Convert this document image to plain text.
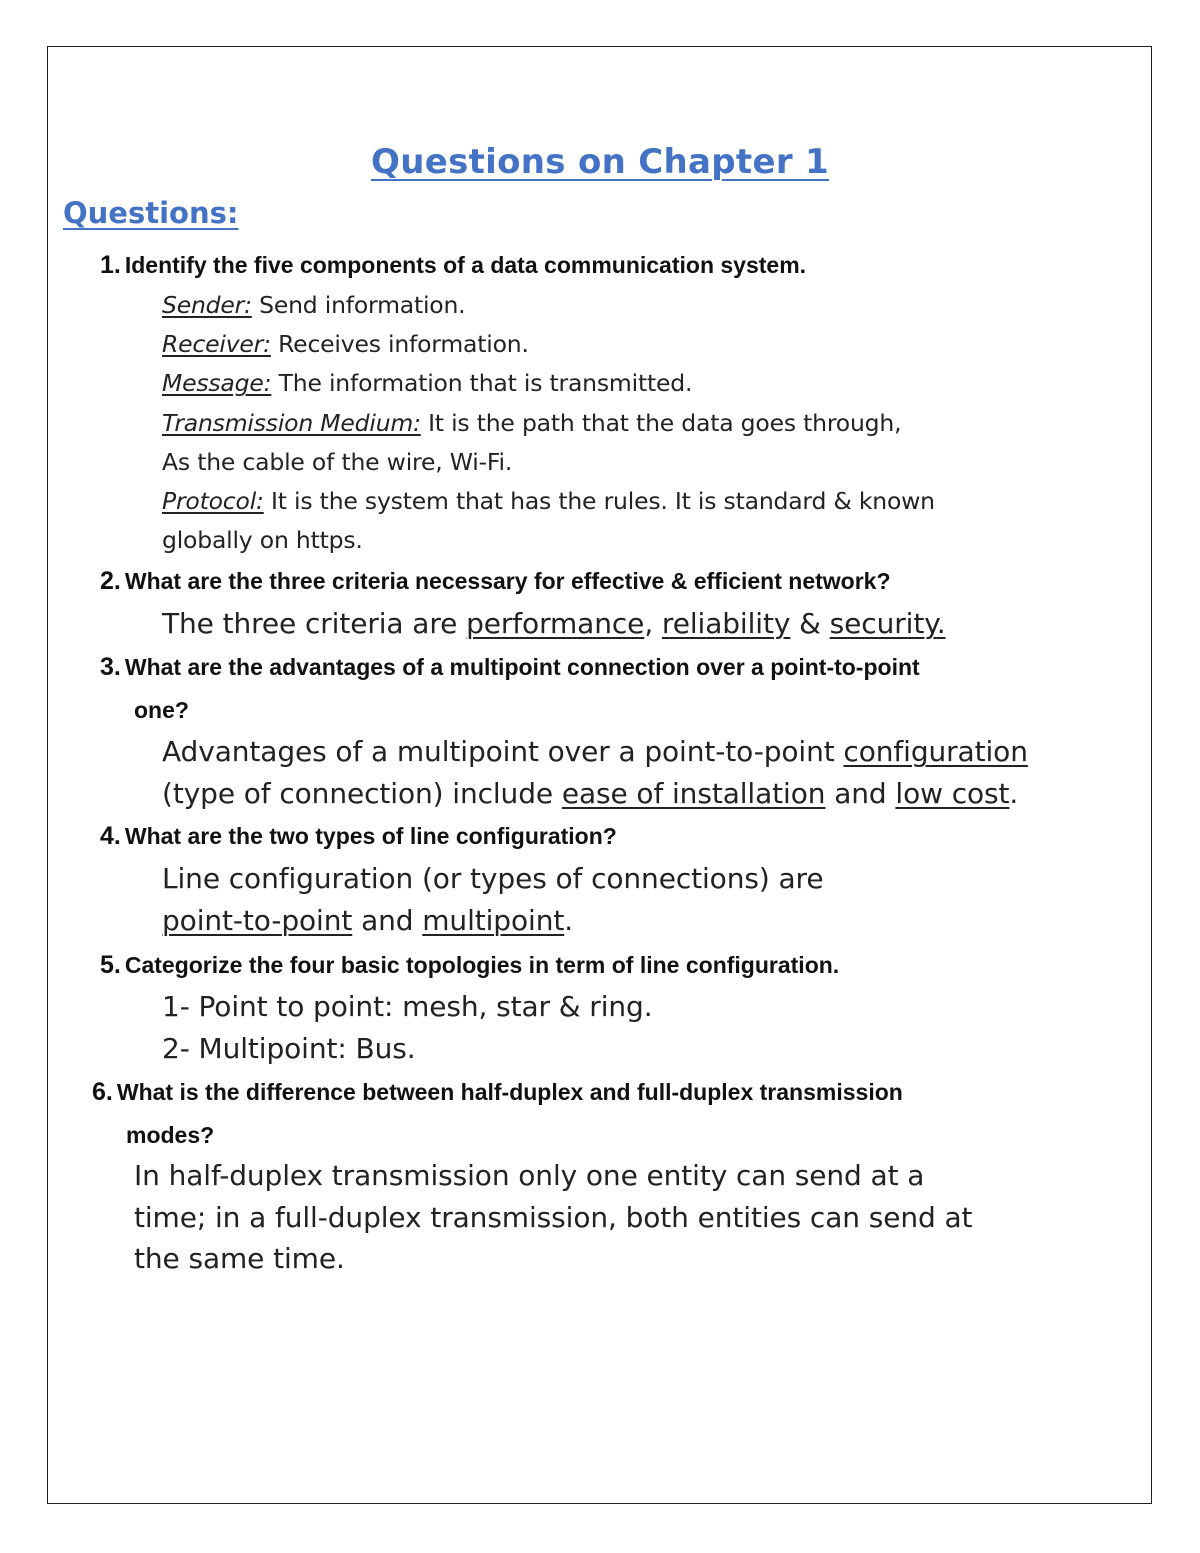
Questions on Chapter 1
Questions:
1. Identify the five components of a data communication system.
Sender: Send information.
Receiver: Receives information.
Message: The information that is transmitted.
Transmission Medium: It is the path that the data goes through,
As the cable of the wire, Wi-Fi.
Protocol: It is the system that has the rules. It is standard & known
globally on https.
2. What are the three criteria necessary for effective & efficient network?
The three criteria are performance, reliability & security.
3. What are the advantages of a multipoint connection over a point-to-point
one?
Advantages of a multipoint over a point-to-point configuration
(type of connection) include ease of installation and low cost.
4. What are the two types of line configuration?
Line configuration (or types of connections) are
point-to-point and multipoint.
5. Categorize the four basic topologies in term of line configuration.
1- Point to point: mesh, star & ring.
2- Multipoint: Bus.
6. What is the difference between half-duplex and full-duplex transmission
modes?
In half-duplex transmission only one entity can send at a
time; in a full-duplex transmission, both entities can send at
the same time.
